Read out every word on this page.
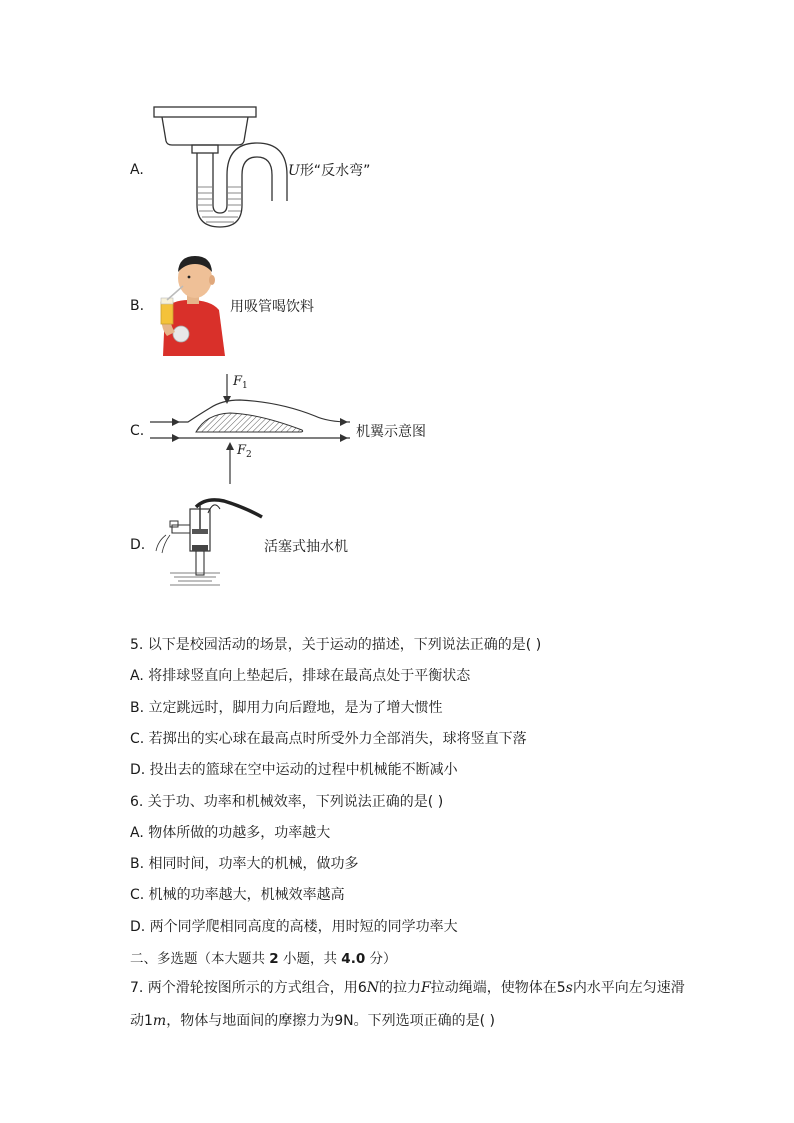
A.	U形“反水弯”
B.	用吸管喝饮料
C.
$F_1$
$F_2$
机翼示意图
D.	活塞式抽水机
5. 以下是校园活动的场景，关于运动的描述，下列说法正确的是( )
A. 将排球竖直向上垫起后，排球在最高点处于平衡状态
B. 立定跳远时，脚用力向后蹬地，是为了增大惯性
C. 若掷出的实心球在最高点时所受外力全部消失，球将竖直下落
D. 投出去的篮球在空中运动的过程中机械能不断减小
6. 关于功、功率和机械效率，下列说法正确的是( )
A. 物体所做的功越多，功率越大
B. 相同时间，功率大的机械，做功多
C. 机械的功率越大，机械效率越高
D. 两个同学爬相同高度的高楼，用时短的同学功率大
二、多选题（本大题共 2 小题，共 4.0 分）
7. 两个滑轮按图所示的方式组合，用6N的拉力F拉动绳端，使物体在5s内水平向左匀速滑
动1m，物体与地面间的摩擦力为9N。下列选项正确的是( )
